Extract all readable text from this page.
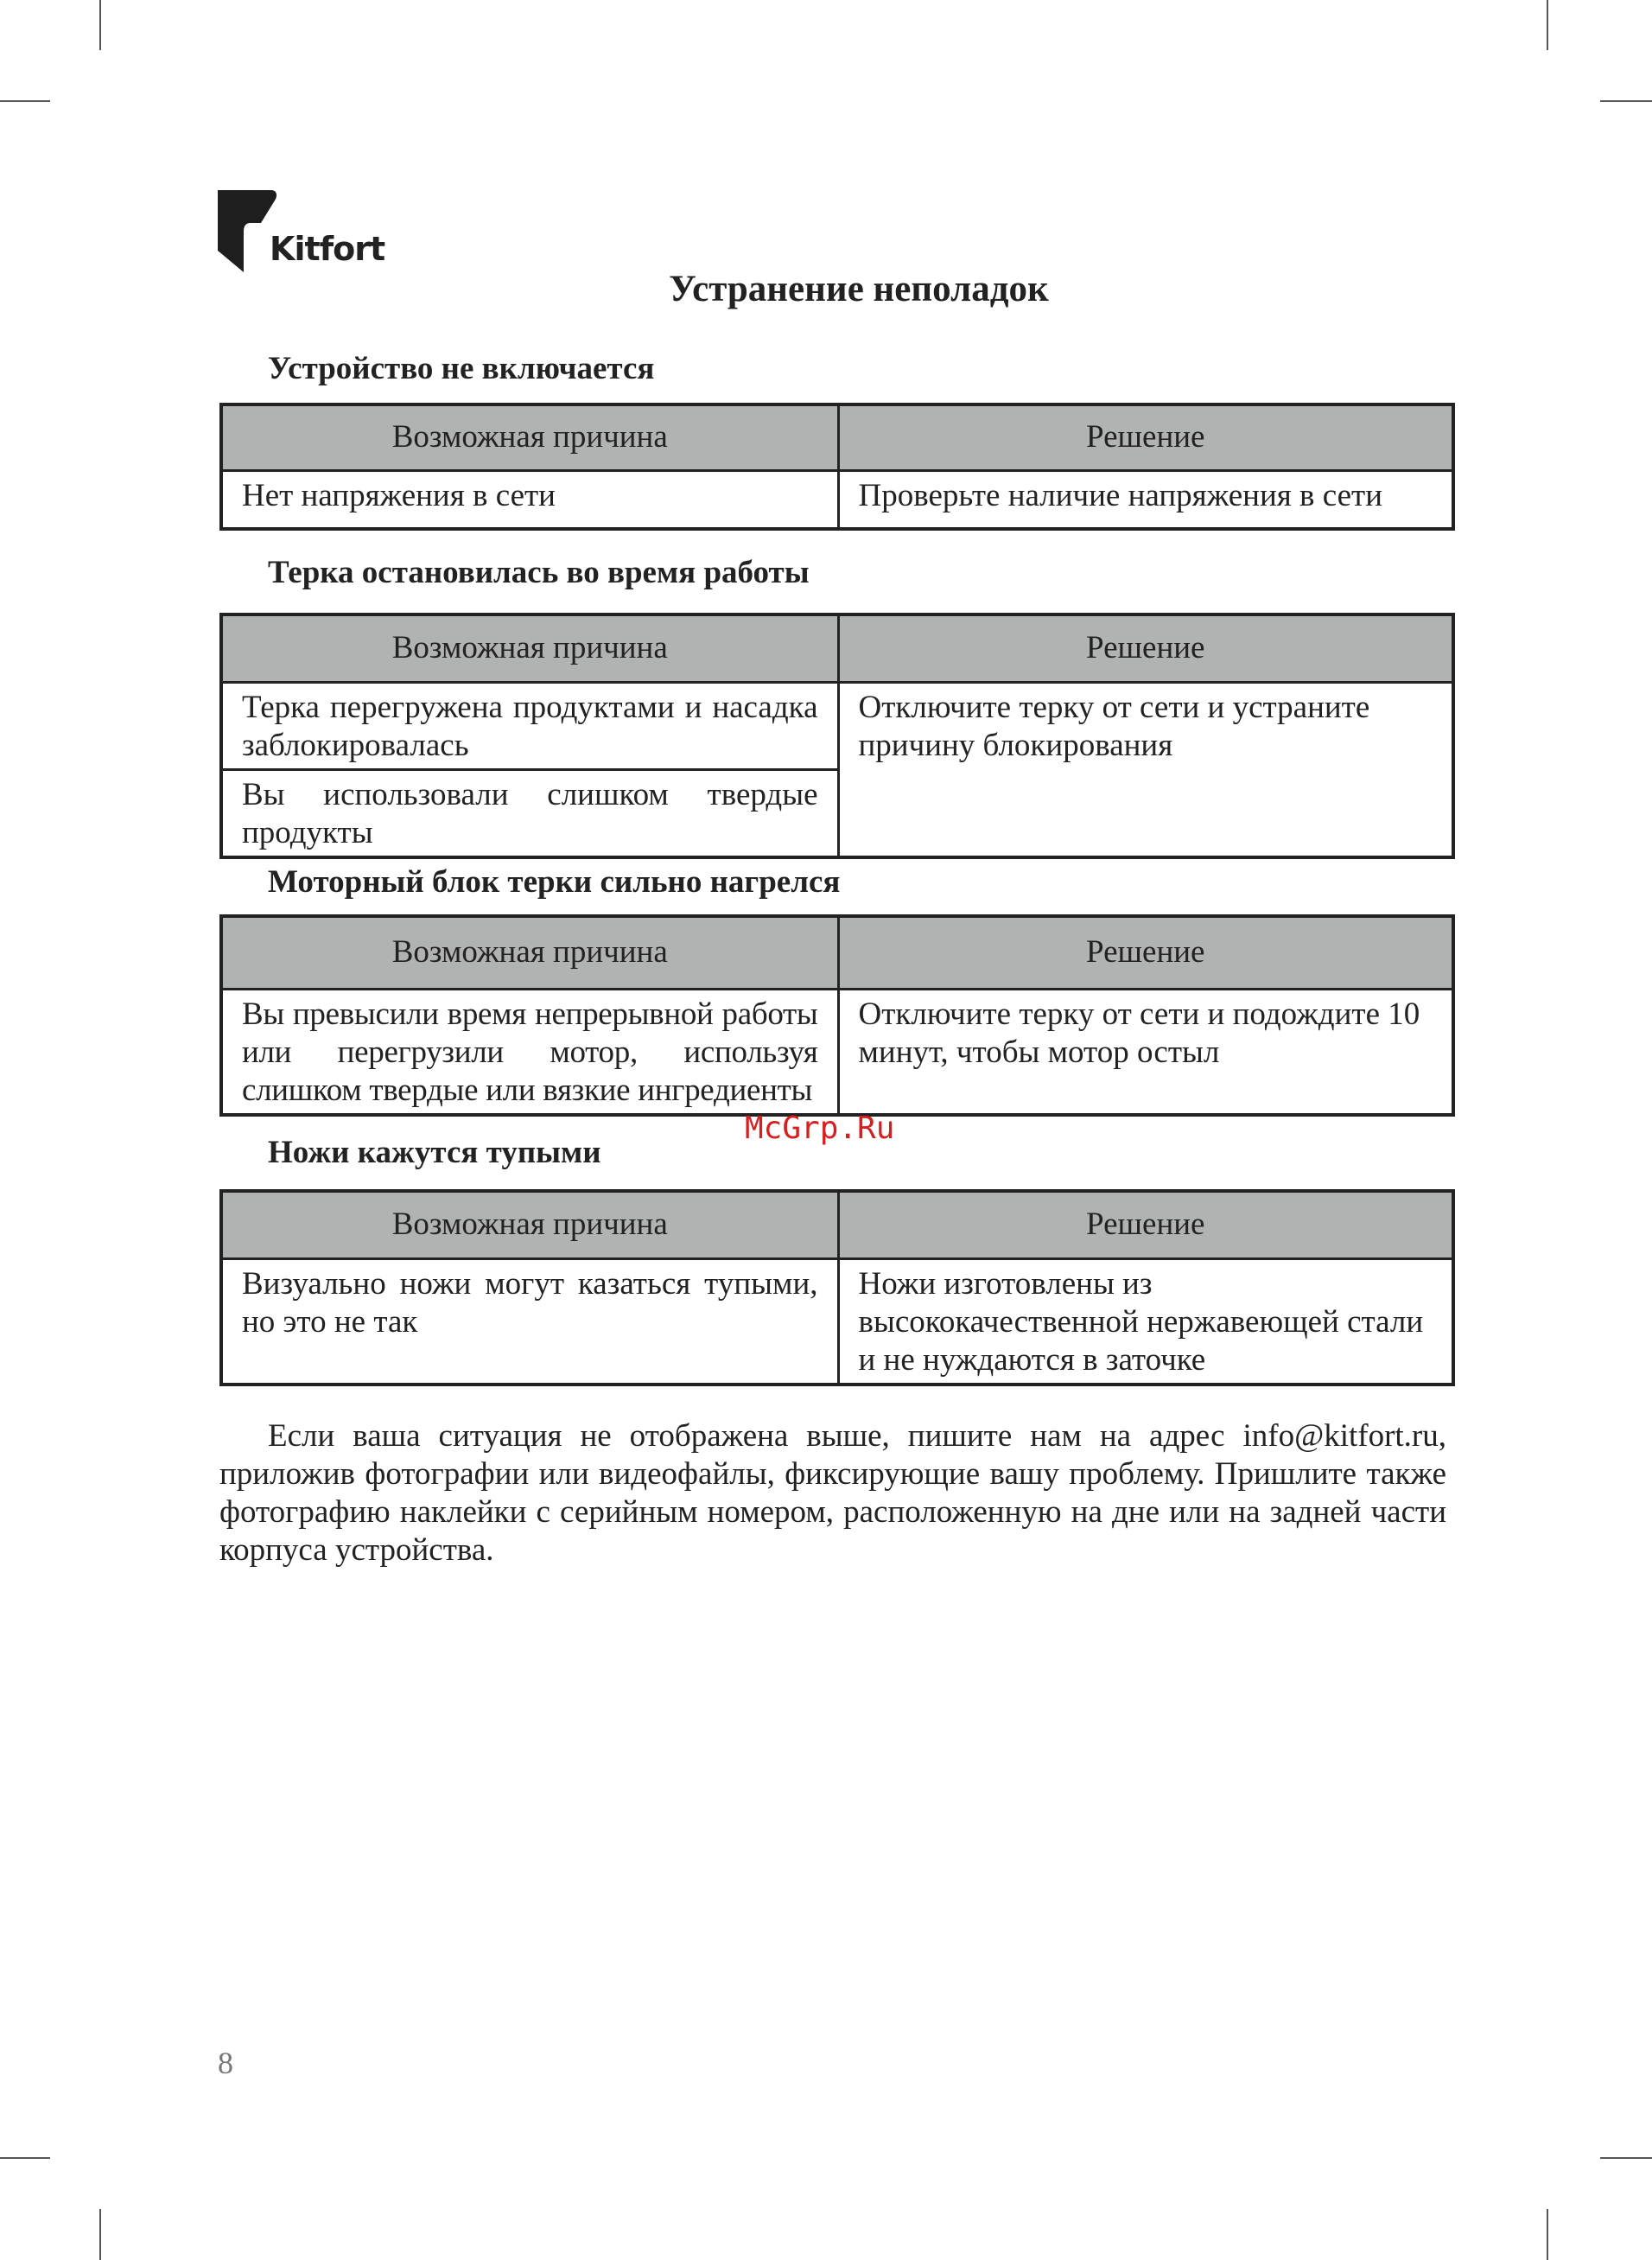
Kitfort
Устранение неполадок
Устройство не включается
Возможная причина	Решение
Нет напряжения в сети	Проверьте наличие напряжения в сети
Терка остановилась во время работы
Возможная причина	Решение
Терка перегружена продуктами и насадка заблокировалась	Отключите терку от сети и устраните причину блокирования
Вы использовали слишком твердые продукты	
Моторный блок терки сильно нагрелся
Возможная причина	Решение
Вы превысили время непрерывной работы или перегрузили мотор, используя слишком твердые или вязкие ингредиенты	Отключите терку от сети и подождите 10 минут, чтобы мотор остыл
McGrp.Ru
Ножи кажутся тупыми
Возможная причина	Решение
Визуально ножи могут казаться тупыми, но это не так	Ножи изготовлены из высококачественной нержавеющей стали и не нуждаются в заточке
Если ваша ситуация не отображена выше, пишите нам на адрес info@kitfort.ru, приложив фотографии или видеофайлы, фиксирующие вашу проблему. Пришлите также фотографию наклейки с серийным номером, расположенную на дне или на задней части корпуса устройства.
8
